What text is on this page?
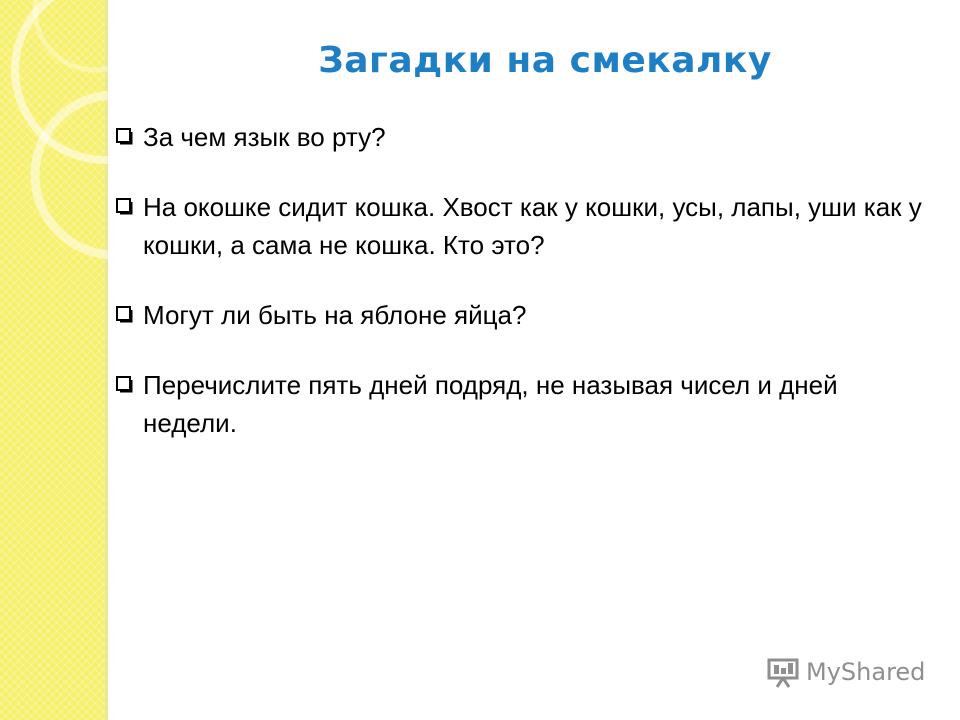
Загадки на смекалку
За чем язык во рту?
На окошке сидит кошка. Хвост как у кошки, усы, лапы, уши как у кошки, а сама не кошка. Кто это?
Могут ли быть на яблоне яйца?
Перечислите пять дней подряд, не называя чисел и дней недели.
MyShared
